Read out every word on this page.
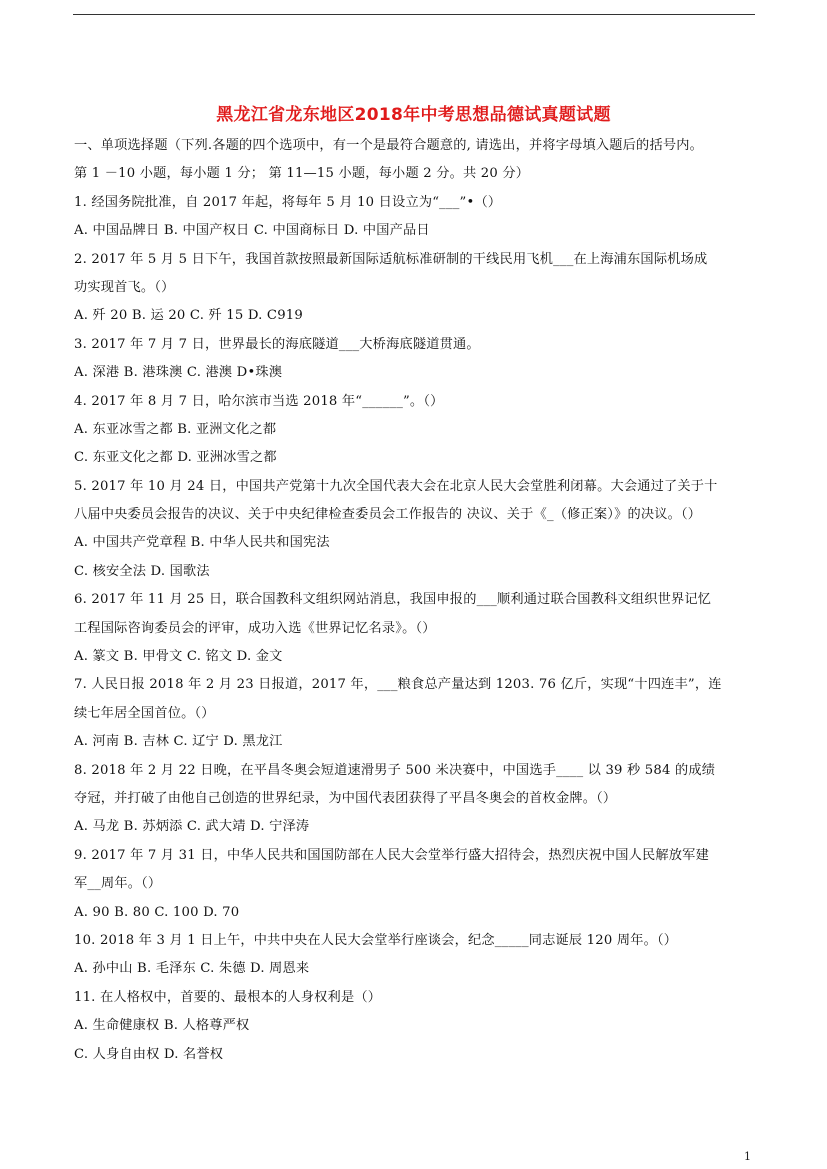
黑龙江省龙东地区2018年中考思想品德试真题试题
一、单项选择题（下列.各题的四个选项中，有一个是最符合题意的, 请选出，并将字母填入题后的括号内。
第 1 －10 小题，每小题 1 分； 第 11—15 小题，每小题 2 分。共 20 分）
1. 经国务院批准，自 2017 年起，将每年 5 月 10 日设立为“___”•（）
A. 中国品牌日 B. 中国产权日 C. 中国商标日 D. 中国产品日
2. 2017 年 5 月 5 日下午，我国首款按照最新国际适航标准研制的干线民用飞机___在上海浦东国际机场成
功实现首飞。（）
A. 歼 20 B. 运 20 C. 歼 15 D. C919
3. 2017 年 7 月 7 日，世界最长的海底隧道___大桥海底隧道贯通。
A. 深港 B. 港珠澳 C. 港澳 D•珠澳
4. 2017 年 8 月 7 日，哈尔滨市当选 2018 年“______”。（）
A. 东亚冰雪之都 B. 亚洲文化之都
C. 东亚文化之都 D. 亚洲冰雪之都
5. 2017 年 10 月 24 日，中国共产党第十九次全国代表大会在北京人民大会堂胜利闭幕。大会通过了关于十
八届中央委员会报告的决议、关于中央纪律检查委员会工作报告的 决议、关于《_（修正案）》的决议。（）
A. 中国共产党章程 B. 中华人民共和国宪法
C. 核安全法 D. 国歌法
6. 2017 年 11 月 25 日，联合国教科文组织网站消息，我国申报的___顺利通过联合国教科文组织世界记忆
工程国际咨询委员会的评审，成功入选《世界记忆名录》。（）
A. 篆文 B. 甲骨文 C. 铭文 D. 金文
7. 人民日报 2018 年 2 月 23 日报道，2017 年，___粮食总产量达到 1203. 76 亿斤，实现“十四连丰”，连
续七年居全国首位。（）
A. 河南 B. 吉林 C. 辽宁 D. 黑龙江
8. 2018 年 2 月 22 日晚，在平昌冬奥会短道速滑男子 500 米决赛中，中国选手____ 以 39 秒 584 的成绩
夺冠，并打破了由他自己创造的世界纪录，为中国代表团获得了平昌冬奥会的首枚金牌。（）
A. 马龙 B. 苏炳添 C. 武大靖 D. 宁泽涛
9. 2017 年 7 月 31 日，中华人民共和国国防部在人民大会堂举行盛大招待会，热烈庆祝中国人民解放军建
军__周年。（）
A. 90 B. 80 C. 100 D. 70
10. 2018 年 3 月 1 日上午，中共中央在人民大会堂举行座谈会，纪念_____同志诞辰 120 周年。（）
A. 孙中山 B. 毛泽东 C. 朱德 D. 周恩来
11. 在人格权中，首要的、最根本的人身权利是（）
A. 生命健康权 B. 人格尊严权
C. 人身自由权 D. 名誉权
1
